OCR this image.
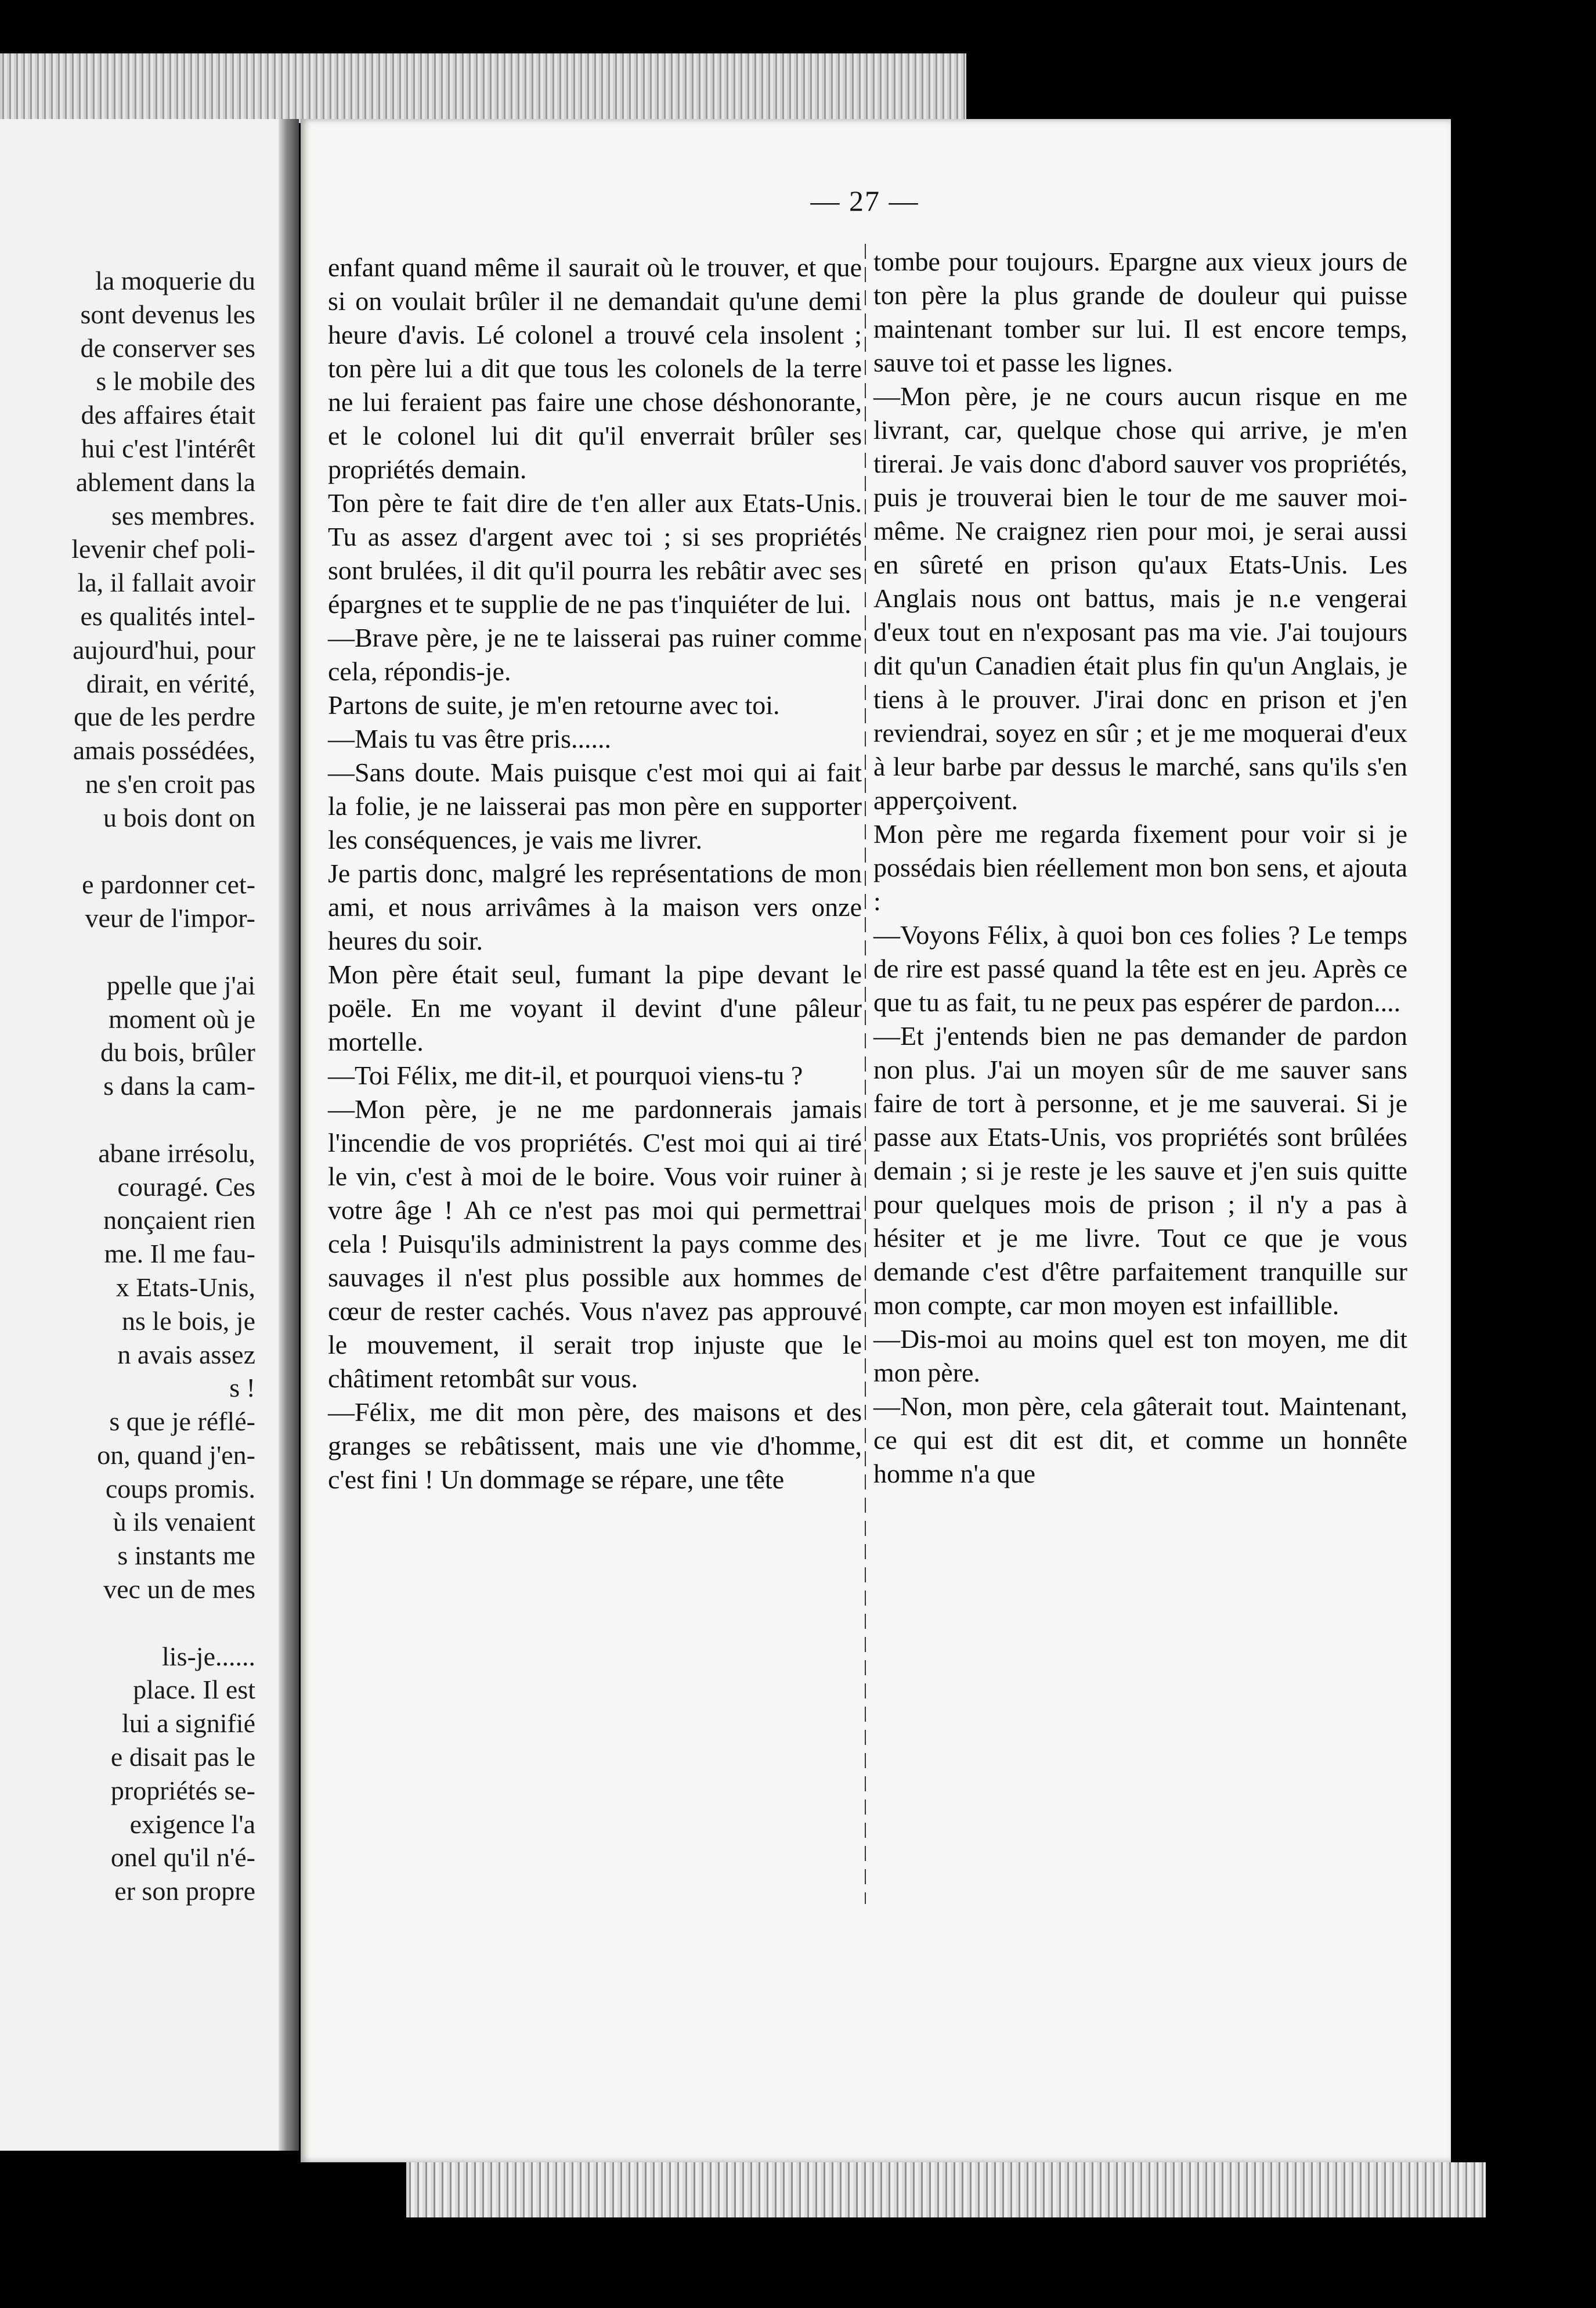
la moquerie du
sont devenus les
de conserver ses
s le mobile des
des affaires était
hui c'est l'intérêt
ablement dans la
ses membres.
levenir chef poli-
la, il fallait avoir
es qualités intel-
aujourd'hui, pour
dirait, en vérité,
que de les perdre
amais possédées,
ne s'en croit pas
u bois dont on

e pardonner cet-
veur de l'impor-

ppelle que j'ai
moment où je
du bois, brûler
s dans la cam-

abane irrésolu,
couragé. Ces
nonçaient rien
me. Il me fau-
x Etats-Unis,
ns le bois, je
n avais assez
s !
s que je réflé-
on, quand j'en-
coups promis.
ù ils venaient
s instants me
vec un de mes

lis-je......
place. Il est
lui a signifié
e disait pas le
propriétés se-
exigence l'a
onel qu'il n'é-
er son propre
— 27 —

enfant quand même il saurait où le trouver, et que si on voulait brûler il ne demandait qu'une demi heure d'avis. Lé colonel a trouvé cela insolent ; ton père lui a dit que tous les colonels de la terre ne lui feraient pas faire une chose déshonorante, et le colonel lui dit qu'il enverrait brûler ses propriétés demain.

Ton père te fait dire de t'en aller aux Etats-Unis. Tu as assez d'argent avec toi ; si ses propriétés sont brulées, il dit qu'il pourra les rebâtir avec ses épargnes et te supplie de ne pas t'inquiéter de lui.

—Brave père, je ne te laisserai pas ruiner comme cela, répondis-je.

Partons de suite, je m'en retourne avec toi.

—Mais tu vas être pris......

—Sans doute. Mais puisque c'est moi qui ai fait la folie, je ne laisserai pas mon père en supporter les conséquences, je vais me livrer.

Je partis donc, malgré les représentations de mon ami, et nous arrivâmes à la maison vers onze heures du soir.

Mon père était seul, fumant la pipe devant le poële. En me voyant il devint d'une pâleur mortelle.

—Toi Félix, me dit-il, et pourquoi viens-tu ?

—Mon père, je ne me pardonnerais jamais l'incendie de vos propriétés. C'est moi qui ai tiré le vin, c'est à moi de le boire. Vous voir ruiner à votre âge ! Ah ce n'est pas moi qui permettrai cela ! Puisqu'ils administrent la pays comme des sauvages il n'est plus possible aux hommes de cœur de rester cachés. Vous n'avez pas approuvé le mouvement, il serait trop injuste que le châtiment retombât sur vous.

—Félix, me dit mon père, des maisons et des granges se rebâtissent, mais une vie d'homme, c'est fini ! Un dommage se répare, une tête

tombe pour toujours. Epargne aux vieux jours de ton père la plus grande de douleur qui puisse maintenant tomber sur lui. Il est encore temps, sauve toi et passe les lignes.

—Mon père, je ne cours aucun risque en me livrant, car, quelque chose qui arrive, je m'en tirerai. Je vais donc d'abord sauver vos propriétés, puis je trouverai bien le tour de me sauver moi-même. Ne craignez rien pour moi, je serai aussi en sûreté en prison qu'aux Etats-Unis. Les Anglais nous ont battus, mais je n.e vengerai d'eux tout en n'exposant pas ma vie. J'ai toujours dit qu'un Canadien était plus fin qu'un Anglais, je tiens à le prouver. J'irai donc en prison et j'en reviendrai, soyez en sûr ; et je me moquerai d'eux à leur barbe par dessus le marché, sans qu'ils s'en apperçoivent.

Mon père me regarda fixement pour voir si je possédais bien réellement mon bon sens, et ajouta :

—Voyons Félix, à quoi bon ces folies ? Le temps de rire est passé quand la tête est en jeu. Après ce que tu as fait, tu ne peux pas espérer de pardon....

—Et j'entends bien ne pas demander de pardon non plus. J'ai un moyen sûr de me sauver sans faire de tort à personne, et je me sauverai. Si je passe aux Etats-Unis, vos propriétés sont brûlées demain ; si je reste je les sauve et j'en suis quitte pour quelques mois de prison ; il n'y a pas à hésiter et je me livre. Tout ce que je vous demande c'est d'être parfaitement tranquille sur mon compte, car mon moyen est infaillible.

—Dis-moi au moins quel est ton moyen, me dit mon père.

—Non, mon père, cela gâterait tout. Maintenant, ce qui est dit est dit, et comme un honnête homme n'a que
